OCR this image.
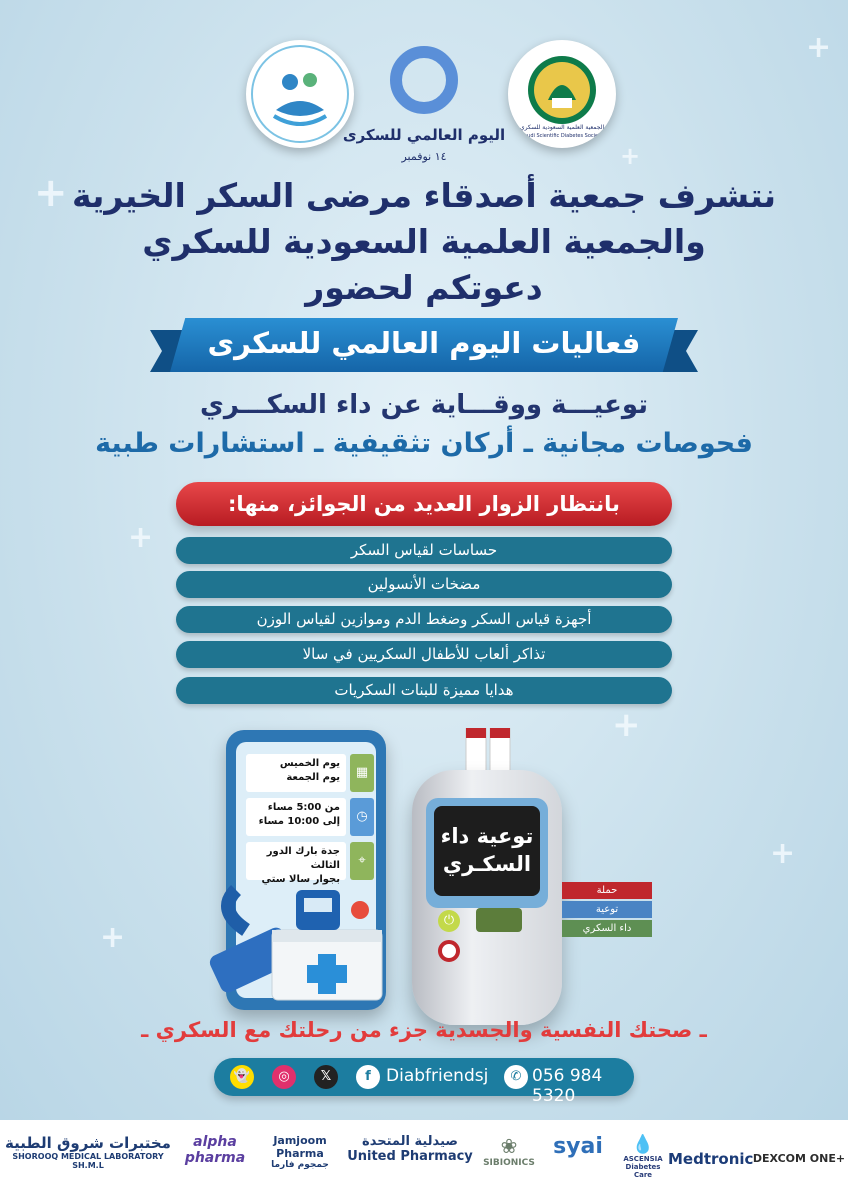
+
+
+
+
+
+
+
اليوم العالمي للسكرى
١٤ نوفمبر
الجمعية العلمية السعودية للسكري
Saudi Scientific Diabetes Society
نتشرف جمعية أصدقاء مرضى السكر الخيرية
والجمعية العلمية السعودية للسكري
دعوتكم لحضور
فعاليات اليوم العالمي للسكرى
توعيـــة ووقـــاية عن داء السكـــري
فحوصات مجانية ـ أركان تثقيفية ـ استشارات طبية
بانتظار الزوار العديد من الجوائز، منها:
حساسات لقياس السكر
مضخات الأنسولين
أجهزة قياس السكر وضغط الدم وموازين لقياس الوزن
تذاكر ألعاب للأطفال السكريين في سالا
هدايا مميزة للبنات السكريات
يوم الخميس
يوم الجمعة	▦
من 5:00 مساء
إلى 10:00 مساء	◷
جدة بارك الدور الثالث
بجوار سالا ستي
⌖
توعية داء السكـري
⏻
حملة
توعية
داء السكري
ـ صحتك النفسية والجسدية جزء من رحلتك مع السكري ـ
👻	◎	𝕏	f Diabfriendsj	✆ 056 984 5320
مختبرات شروق الطبية
SHOROOQ MEDICAL LABORATORY SH.M.L
alpha pharma
Jamjoom Pharma
جمجوم فارما
صيدلية المتحدة
United Pharmacy	❀
SIBIONICS
syai	💧
ASCENSIA Diabetes Care
Medtronic DEXCOM ONE+
